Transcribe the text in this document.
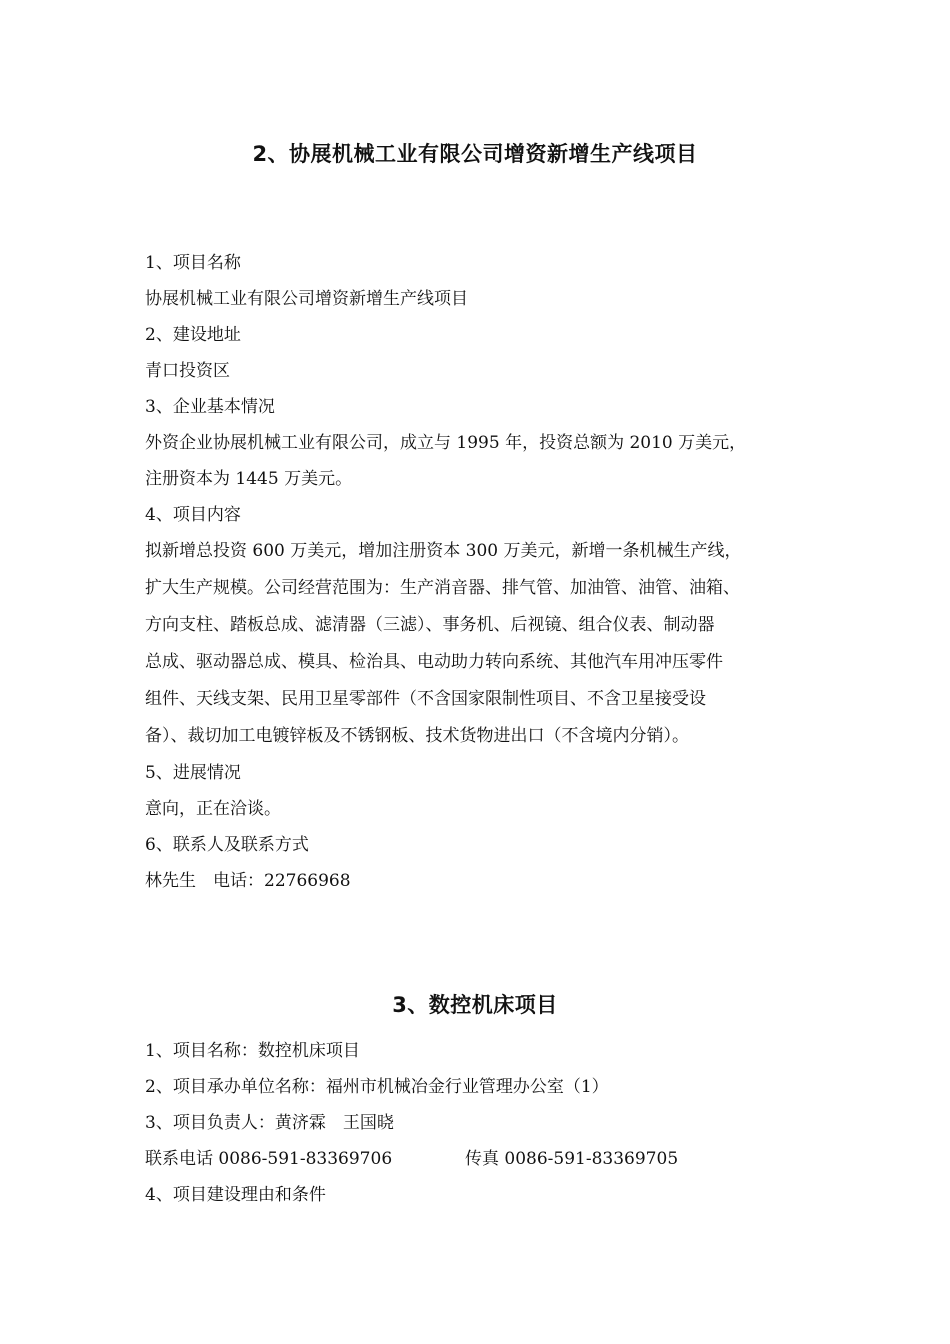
2、协展机械工业有限公司增资新增生产线项目
1、项目名称
协展机械工业有限公司增资新增生产线项目
2、建设地址
青口投资区
3、企业基本情况
外资企业协展机械工业有限公司，成立与 1995 年，投资总额为 2010 万美元，
注册资本为 1445 万美元。
4、项目内容
拟新增总投资 600 万美元，增加注册资本 300 万美元，新增一条机械生产线，
扩大生产规模。公司经营范围为：生产消音器、排气管、加油管、油管、油箱、
方向支柱、踏板总成、滤清器（三滤）、事务机、后视镜、组合仪表、制动器
总成、驱动器总成、模具、检治具、电动助力转向系统、其他汽车用冲压零件
组件、天线支架、民用卫星零部件（不含国家限制性项目、不含卫星接受设
备）、裁切加工电镀锌板及不锈钢板、技术货物进出口（不含境内分销）。
5、进展情况
意向，正在洽谈。
6、联系人及联系方式
林先生　电话：22766968
3、数控机床项目
1、项目名称：数控机床项目
2、项目承办单位名称：福州市机械冶金行业管理办公室（1）
3、项目负责人：黄济霖　王国晓
联系电话 0086-591-83369706	传真 0086-591-83369705
4、项目建设理由和条件
